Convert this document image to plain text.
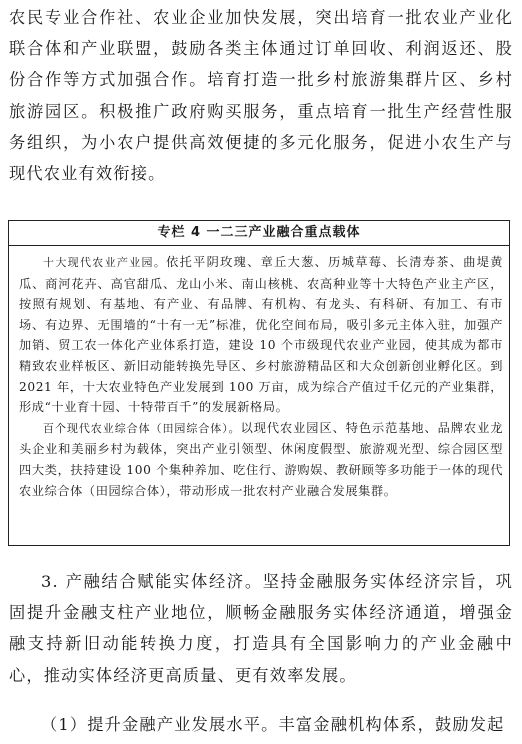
农民专业合作社、农业企业加快发展，突出培育一批农业产业化联合体和产业联盟，鼓励各类主体通过订单回收、利润返还、股份合作等方式加强合作。培育打造一批乡村旅游集群片区、乡村旅游园区。积极推广政府购买服务，重点培育一批生产经营性服务组织，为小农户提供高效便捷的多元化服务，促进小农生产与现代农业有效衔接。

专栏 4 一二三产业融合重点载体

十大现代农业产业园。依托平阴玫瑰、章丘大葱、历城草莓、长清寿茶、曲堤黄瓜、商河花卉、高官甜瓜、龙山小米、南山核桃、农高种业等十大特色产业主产区，按照有规划、有基地、有产业、有品牌、有机构、有龙头、有科研、有加工、有市场、有边界、无围墙的“十有一无”标准，优化空间布局，吸引多元主体入驻，加强产加销、贸工农一体化产业体系打造，建设 10 个市级现代农业产业园，使其成为都市精致农业样板区、新旧动能转换先导区、乡村旅游精品区和大众创新创业孵化区。到 2021 年，十大农业特色产业发展到 100 万亩，成为综合产值过千亿元的产业集群，形成“十业育十园、十特带百千”的发展新格局。

百个现代农业综合体（田园综合体）。以现代农业园区、特色示范基地、品牌农业龙头企业和美丽乡村为载体，突出产业引领型、休闲度假型、旅游观光型、综合园区型四大类，扶持建设 100 个集种养加、吃住行、游购娱、教研顾等多功能于一体的现代农业综合体（田园综合体），带动形成一批农村产业融合发展集群。

3. 产融结合赋能实体经济。坚持金融服务实体经济宗旨，巩固提升金融支柱产业地位，顺畅金融服务实体经济通道，增强金融支持新旧动能转换力度，打造具有全国影响力的产业金融中心，推动实体经济更高质量、更有效率发展。

（1）提升金融产业发展水平。丰富金融机构体系，鼓励发起
